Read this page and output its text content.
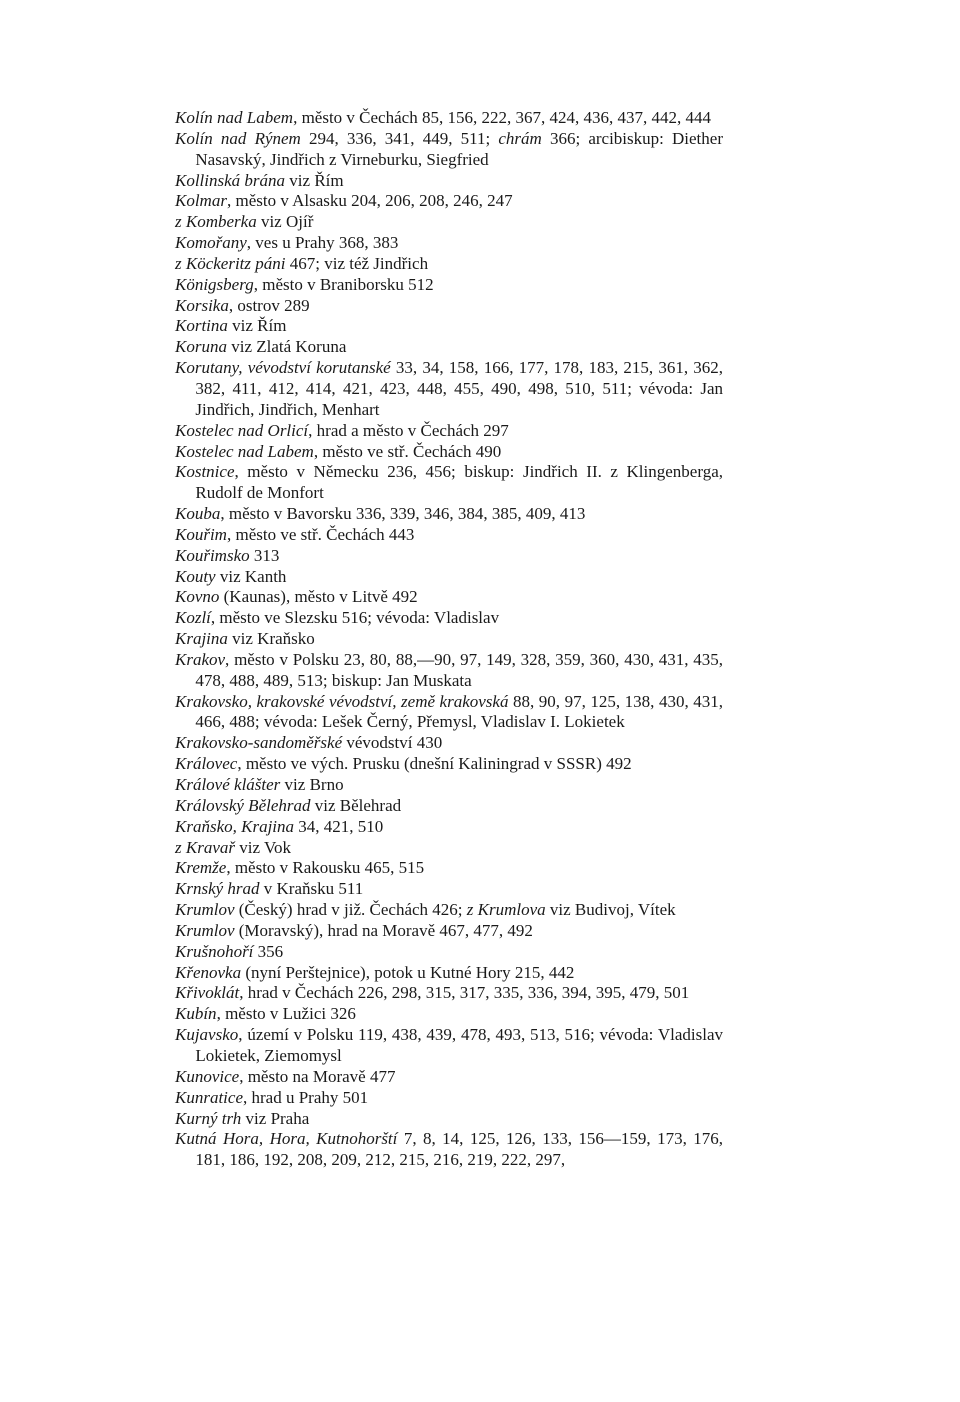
Kolín nad Labem, město v Čechách 85, 156, 222, 367, 424, 436, 437, 442, 444

Kolín nad Rýnem 294, 336, 341, 449, 511; chrám 366; arcibiskup: Diether Nasavský, Jindřich z Virneburku, Siegfried

Kollinská brána viz Řím

Kolmar, město v Alsasku 204, 206, 208, 246, 247

z Komberka viz Ojíř

Komořany, ves u Prahy 368, 383

z Köckeritz páni 467; viz též Jindřich

Königsberg, město v Braniborsku 512

Korsika, ostrov 289

Kortina viz Řím

Koruna viz Zlatá Koruna

Korutany, vévodství korutanské 33, 34, 158, 166, 177, 178, 183, 215, 361, 362, 382, 411, 412, 414, 421, 423, 448, 455, 490, 498, 510, 511; vévoda: Jan Jindřich, Jindřich, Menhart

Kostelec nad Orlicí, hrad a město v Čechách 297

Kostelec nad Labem, město ve stř. Čechách 490

Kostnice, město v Německu 236, 456; biskup: Jindřich II. z Klingenberga, Rudolf de Monfort

Kouba, město v Bavorsku 336, 339, 346, 384, 385, 409, 413

Kouřim, město ve stř. Čechách 443

Kouřimsko 313

Kouty viz Kanth

Kovno (Kaunas), město v Litvě 492

Kozlí, město ve Slezsku 516; vévoda: Vladislav

Krajina viz Kraňsko

Krakov, město v Polsku 23, 80, 88,—90, 97, 149, 328, 359, 360, 430, 431, 435, 478, 488, 489, 513; biskup: Jan Muskata

Krakovsko, krakovské vévodství, země krakovská 88, 90, 97, 125, 138, 430, 431, 466, 488; vévoda: Lešek Černý, Přemysl, Vladislav I. Lokietek

Krakovsko-sandoměřské vévodství 430

Královec, město ve vých. Prusku (dnešní Kaliningrad v SSSR) 492

Králové klášter viz Brno

Královský Bělehrad viz Bělehrad

Kraňsko, Krajina 34, 421, 510

z Kravař viz Vok

Kremže, město v Rakousku 465, 515

Krnský hrad v Kraňsku 511

Krumlov (Český) hrad v již. Čechách 426; z Krumlova viz Budivoj, Vítek

Krumlov (Moravský), hrad na Moravě 467, 477, 492

Krušnohoří 356

Křenovka (nyní Perštejnice), potok u Kutné Hory 215, 442

Křivoklát, hrad v Čechách 226, 298, 315, 317, 335, 336, 394, 395, 479, 501

Kubín, město v Lužici 326

Kujavsko, území v Polsku 119, 438, 439, 478, 493, 513, 516; vévoda: Vladislav Lokietek, Ziemomysl

Kunovice, město na Moravě 477

Kunratice, hrad u Prahy 501

Kurný trh viz Praha

Kutná Hora, Hora, Kutnohorští 7, 8, 14, 125, 126, 133, 156—159, 173, 176, 181, 186, 192, 208, 209, 212, 215, 216, 219, 222, 297,
